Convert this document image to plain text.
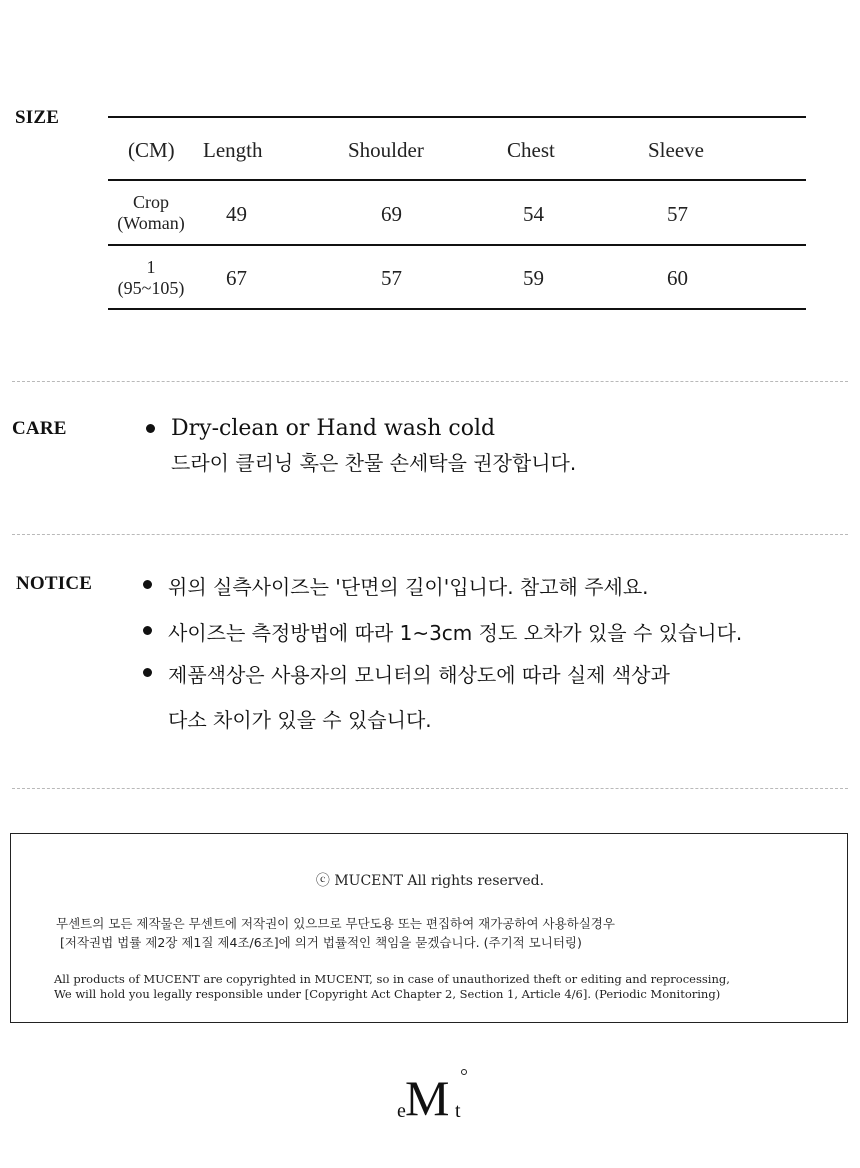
SIZE
(CM) Length	Shoulder	Chest	Sleeve
Crop
(Woman)	49	69	54	57
1
(95~105)	67	57	59	60
CARE	Dry-clean or Hand wash cold
드라이 클리닝 혹은 찬물 손세탁을 권장합니다.
NOTICE	위의 실측사이즈는 '단면의 길이'입니다. 참고해 주세요.
사이즈는 측정방법에 따라 1~3cm 정도 오차가 있을 수 있습니다.
제품색상은 사용자의 모니터의 해상도에 따라 실제 색상과
다소 차이가 있을 수 있습니다.
ⓒ MUCENT All rights reserved.
무센트의 모든 제작물은 무센트에 저작권이 있으므로 무단도용 또는 편집하여 재가공하여 사용하실경우
[저작권법 법률 제2장 제1질 제4조/6조]에 의거 법률적인 책임을 묻겠습니다. (주기적 모니터링)
All products of MUCENT are copyrighted in MUCENT, so in case of unauthorized theft or editing and reprocessing,
We will hold you legally responsible under [Copyright Act Chapter 2, Section 1, Article 4/6]. (Periodic Monitoring)
e M t
